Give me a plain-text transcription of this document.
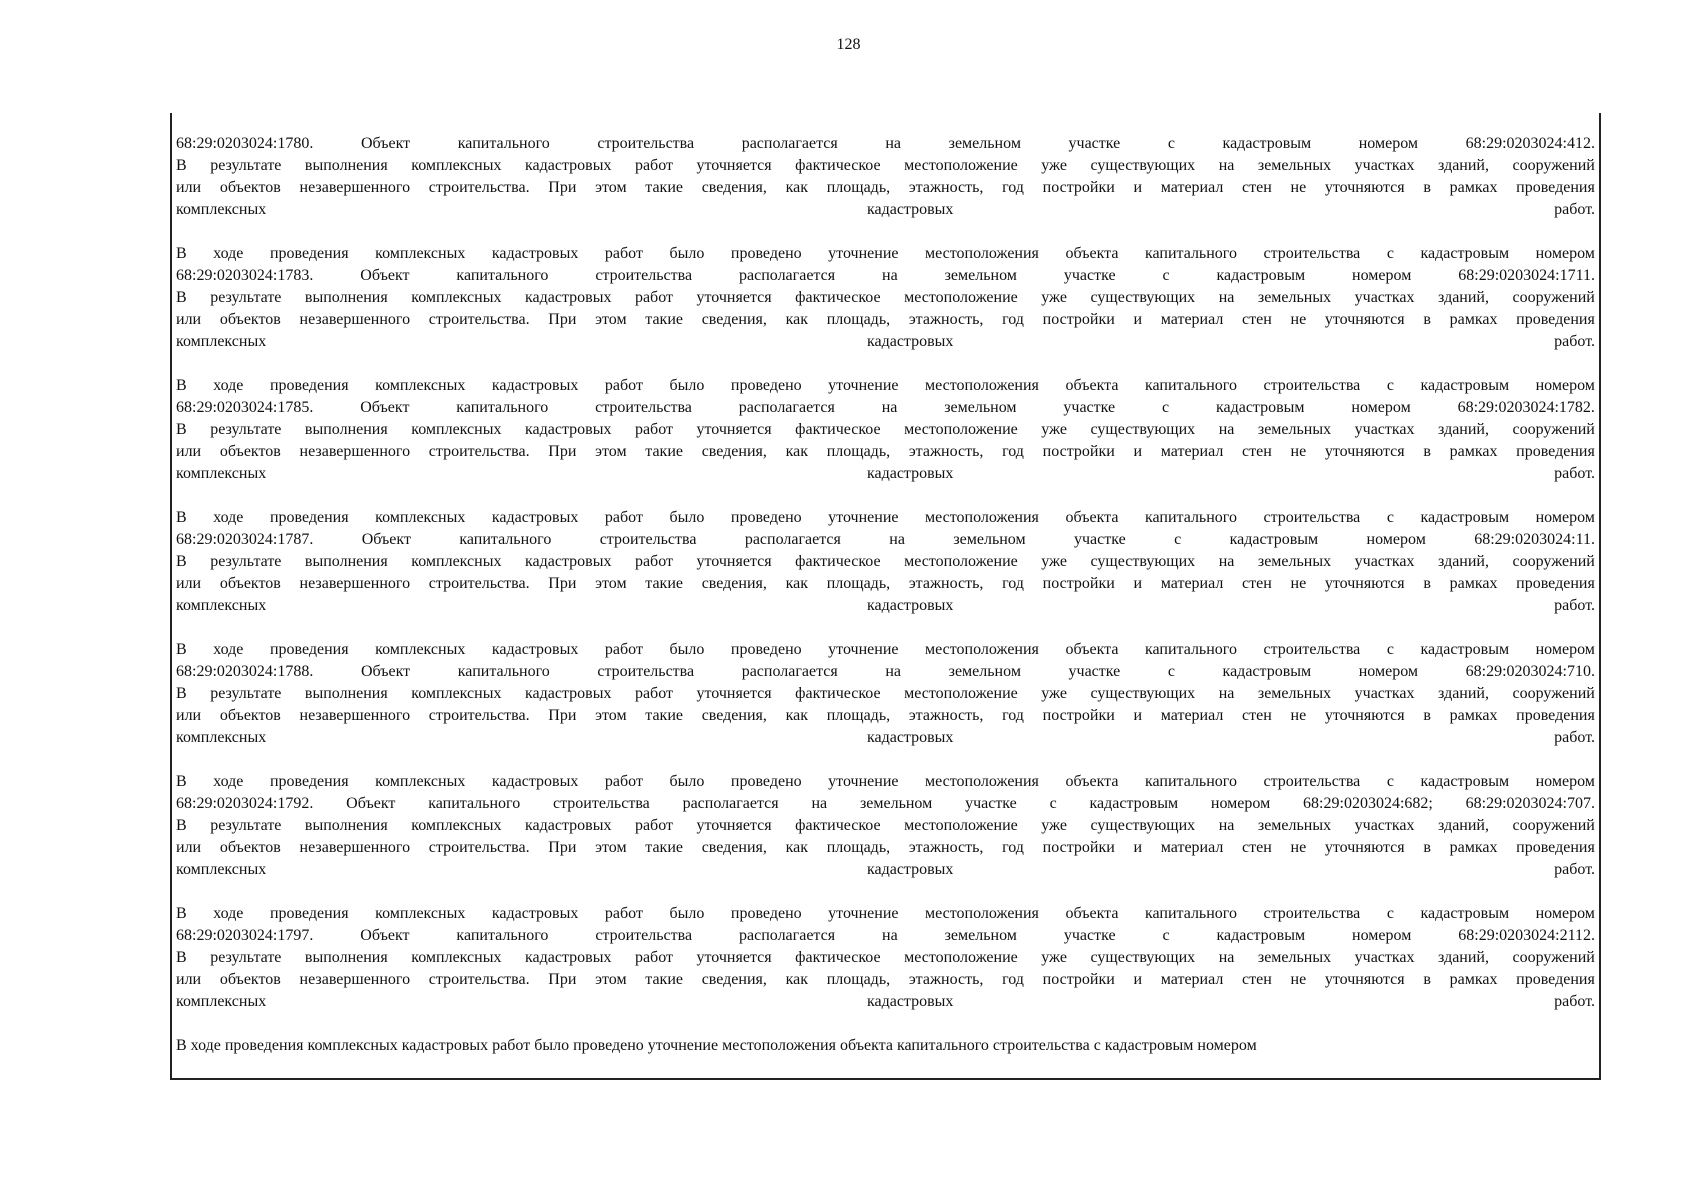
128
68:29:0203024:1780.	Объект	капитального	строительства	располагается	на	земельном	участке	с	кадастровым	номером	68:29:0203024:412.
В результате выполнения комплексных кадастровых работ уточняется фактическое местоположение уже существующих на земельных участках зданий, сооружений
или объектов незавершенного строительства. При этом такие сведения, как площадь, этажность, год постройки и материал стен не уточняются в рамках проведения
комплексных	кадастровых	работ.
В ходе проведения комплексных кадастровых работ было проведено уточнение местоположения объекта капитального строительства с кадастровым номером
68:29:0203024:1783.	Объект	капитального	строительства	располагается	на	земельном	участке	с	кадастровым	номером	68:29:0203024:1711.
В результате выполнения комплексных кадастровых работ уточняется фактическое местоположение уже существующих на земельных участках зданий, сооружений
или объектов незавершенного строительства. При этом такие сведения, как площадь, этажность, год постройки и материал стен не уточняются в рамках проведения
комплексных	кадастровых	работ.
В ходе проведения комплексных кадастровых работ было проведено уточнение местоположения объекта капитального строительства с кадастровым номером
68:29:0203024:1785.	Объект	капитального	строительства	располагается	на	земельном	участке	с	кадастровым	номером	68:29:0203024:1782.
В результате выполнения комплексных кадастровых работ уточняется фактическое местоположение уже существующих на земельных участках зданий, сооружений
или объектов незавершенного строительства. При этом такие сведения, как площадь, этажность, год постройки и материал стен не уточняются в рамках проведения
комплексных	кадастровых	работ.
В ходе проведения комплексных кадастровых работ было проведено уточнение местоположения объекта капитального строительства с кадастровым номером
68:29:0203024:1787.	Объект	капитального	строительства	располагается	на	земельном	участке	с	кадастровым	номером	68:29:0203024:11.
В результате выполнения комплексных кадастровых работ уточняется фактическое местоположение уже существующих на земельных участках зданий, сооружений
или объектов незавершенного строительства. При этом такие сведения, как площадь, этажность, год постройки и материал стен не уточняются в рамках проведения
комплексных	кадастровых	работ.
В ходе проведения комплексных кадастровых работ было проведено уточнение местоположения объекта капитального строительства с кадастровым номером
68:29:0203024:1788.	Объект	капитального	строительства	располагается	на	земельном	участке	с	кадастровым	номером	68:29:0203024:710.
В результате выполнения комплексных кадастровых работ уточняется фактическое местоположение уже существующих на земельных участках зданий, сооружений
или объектов незавершенного строительства. При этом такие сведения, как площадь, этажность, год постройки и материал стен не уточняются в рамках проведения
комплексных	кадастровых	работ.
В ходе проведения комплексных кадастровых работ было проведено уточнение местоположения объекта капитального строительства с кадастровым номером
68:29:0203024:1792. Объект капитального строительства располагается на земельном участке с кадастровым номером 68:29:0203024:682; 68:29:0203024:707.
В результате выполнения комплексных кадастровых работ уточняется фактическое местоположение уже существующих на земельных участках зданий, сооружений
или объектов незавершенного строительства. При этом такие сведения, как площадь, этажность, год постройки и материал стен не уточняются в рамках проведения
комплексных	кадастровых	работ.
В ходе проведения комплексных кадастровых работ было проведено уточнение местоположения объекта капитального строительства с кадастровым номером
68:29:0203024:1797.	Объект	капитального	строительства	располагается	на	земельном	участке	с	кадастровым	номером	68:29:0203024:2112.
В результате выполнения комплексных кадастровых работ уточняется фактическое местоположение уже существующих на земельных участках зданий, сооружений
или объектов незавершенного строительства. При этом такие сведения, как площадь, этажность, год постройки и материал стен не уточняются в рамках проведения
комплексных	кадастровых	работ.
В ходе проведения комплексных кадастровых работ было проведено уточнение местоположения объекта капитального строительства с кадастровым номером
